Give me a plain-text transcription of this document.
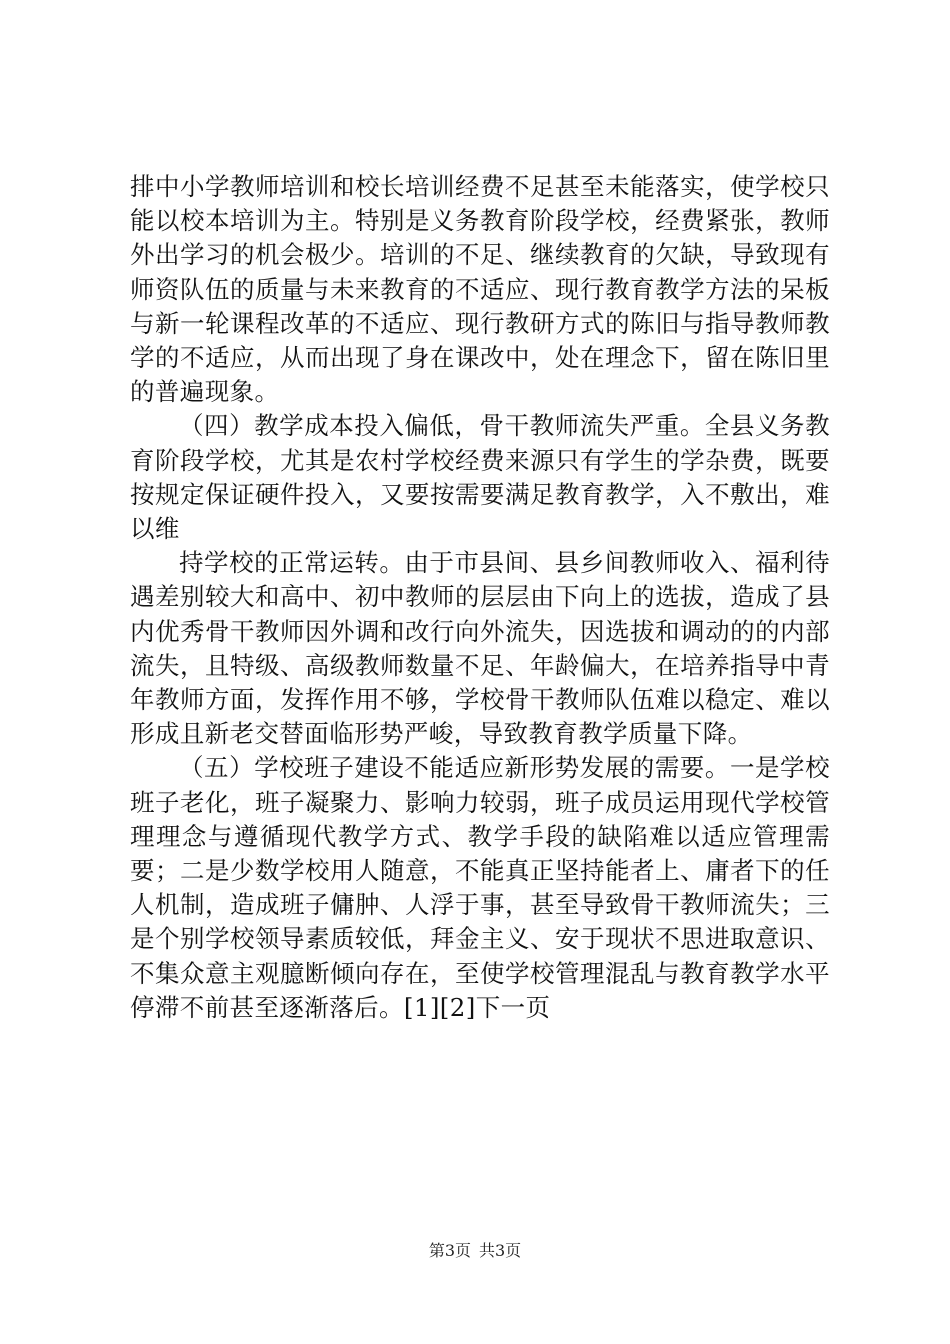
排中小学教师培训和校长培训经费不足甚至未能落实，使学校只能以校本培训为主。特别是义务教育阶段学校，经费紧张，教师外出学习的机会极少。培训的不足、继续教育的欠缺，导致现有师资队伍的质量与未来教育的不适应、现行教育教学方法的呆板与新一轮课程改革的不适应、现行教研方式的陈旧与指导教师教学的不适应，从而出现了身在课改中，处在理念下，留在陈旧里的普遍现象。

（四）教学成本投入偏低，骨干教师流失严重。全县义务教育阶段学校，尤其是农村学校经费来源只有学生的学杂费，既要按规定保证硬件投入，又要按需要满足教育教学，入不敷出，难以维

持学校的正常运转。由于市县间、县乡间教师收入、福利待遇差别较大和高中、初中教师的层层由下向上的选拔，造成了县内优秀骨干教师因外调和改行向外流失，因选拔和调动的的内部流失，且特级、高级教师数量不足、年龄偏大，在培养指导中青年教师方面，发挥作用不够，学校骨干教师队伍难以稳定、难以形成且新老交替面临形势严峻，导致教育教学质量下降。

（五）学校班子建设不能适应新形势发展的需要。一是学校班子老化，班子凝聚力、影响力较弱，班子成员运用现代学校管理理念与遵循现代教学方式、教学手段的缺陷难以适应管理需要；二是少数学校用人随意，不能真正坚持能者上、庸者下的任人机制，造成班子傭肿、人浮于事，甚至导致骨干教师流失；三是个别学校领导素质较低，拜金主义、安于现状不思进取意识、不集众意主观臆断倾向存在，至使学校管理混乱与教育教学水平停滞不前甚至逐渐落后。[1][2]下一页

第3页 共3页
